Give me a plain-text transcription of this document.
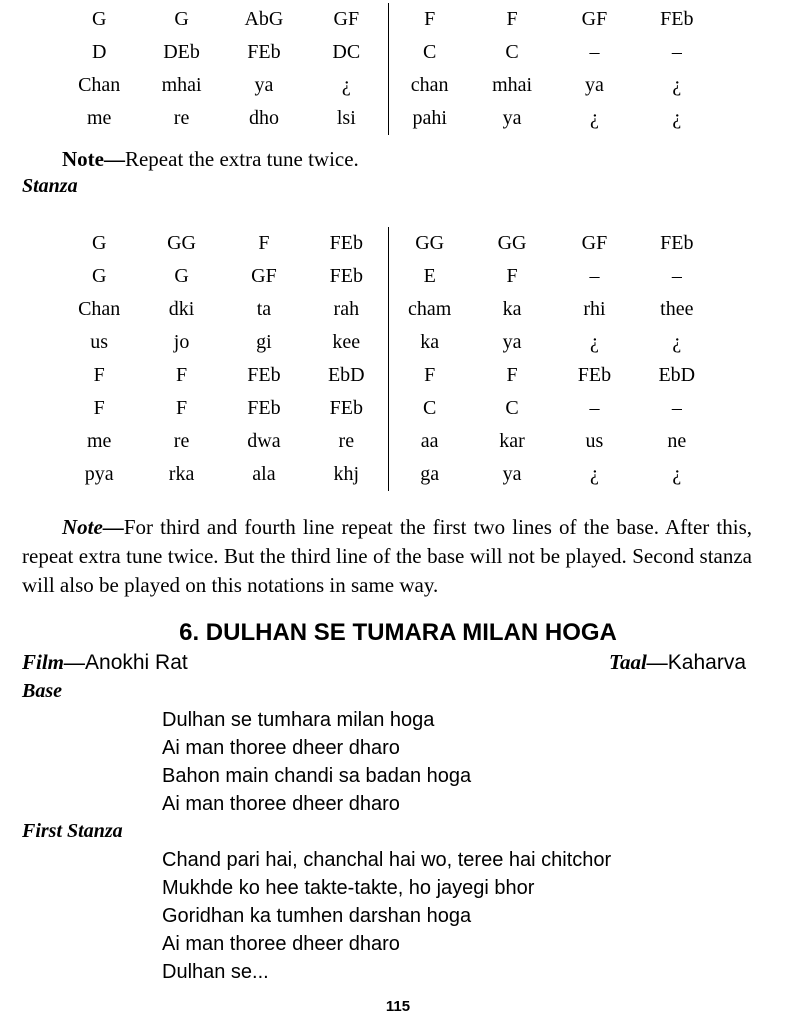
G	G	AbG	GF	F	F	GF	FEb
D	DEb	FEb	DC	C	C	–	–
Chan	mhai	ya	¿	chan	mhai	ya	¿
me	re	dho	lsi	pahi	ya	¿	¿
Note—Repeat the extra tune twice.
Stanza
G	GG	F	FEb	GG	GG	GF	FEb
G	G	GF	FEb	E	F	–	–
Chan	dki	ta	rah	cham	ka	rhi	thee
us	jo	gi	kee	ka	ya	¿	¿
F	F	FEb	EbD	F	F	FEb	EbD
F	F	FEb	FEb	C	C	–	–
me	re	dwa	re	aa	kar	us	ne
pya	rka	ala	khj	ga	ya	¿	¿
Note—For third and fourth line repeat the first two lines of the base. After this, repeat extra tune twice. But the third line of the base will not be played. Second stanza will also be played on this notations in same way.
6. DULHAN SE TUMARA MILAN HOGA
Film—Anokhi Rat	Taal—Kaharva
Base
Dulhan se tumhara milan hoga
Ai man thoree dheer dharo
Bahon main chandi sa badan hoga
Ai man thoree dheer dharo
First Stanza
Chand pari hai, chanchal hai wo, teree hai chitchor
Mukhde ko hee takte-takte, ho jayegi bhor
Goridhan ka tumhen darshan hoga
Ai man thoree dheer dharo
Dulhan se...
115
